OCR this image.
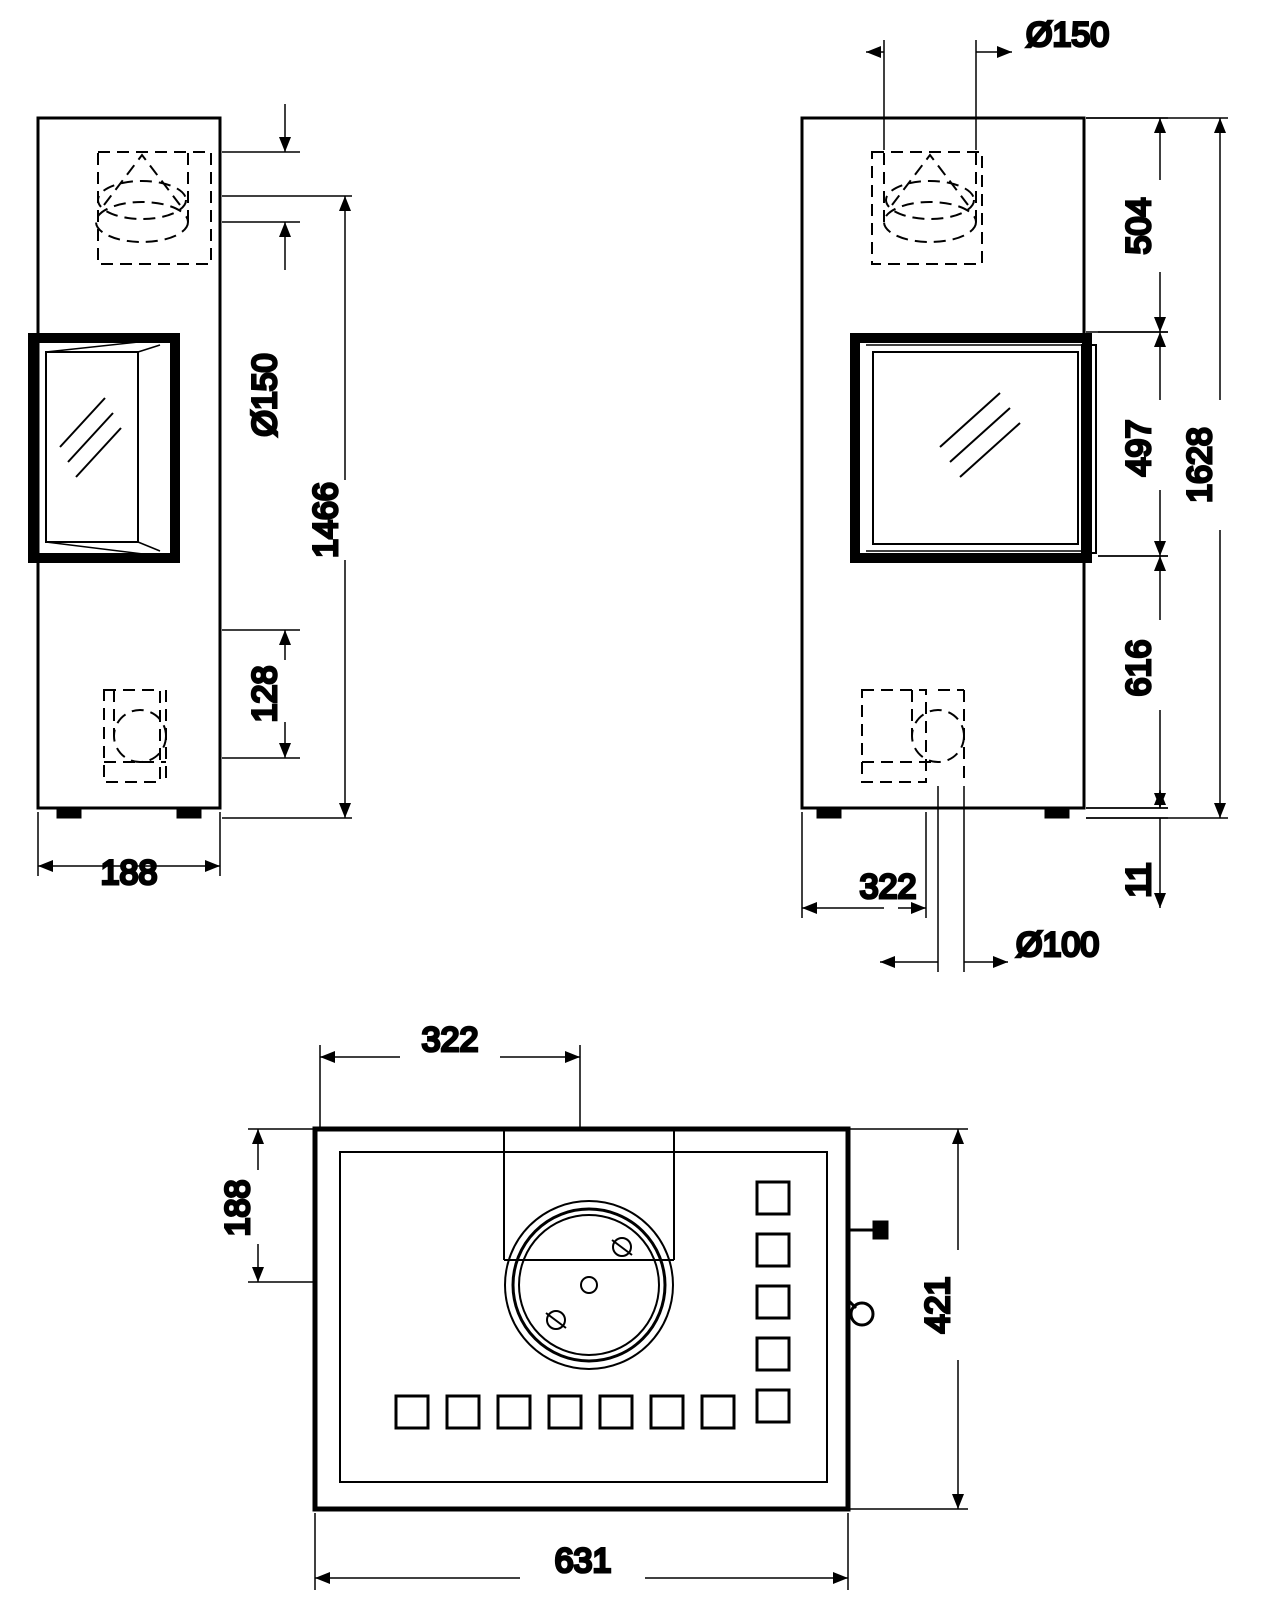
Ø150
1466
128
188
Ø150
504
497
616
1628
11
322
Ø100
322
188
421
631
